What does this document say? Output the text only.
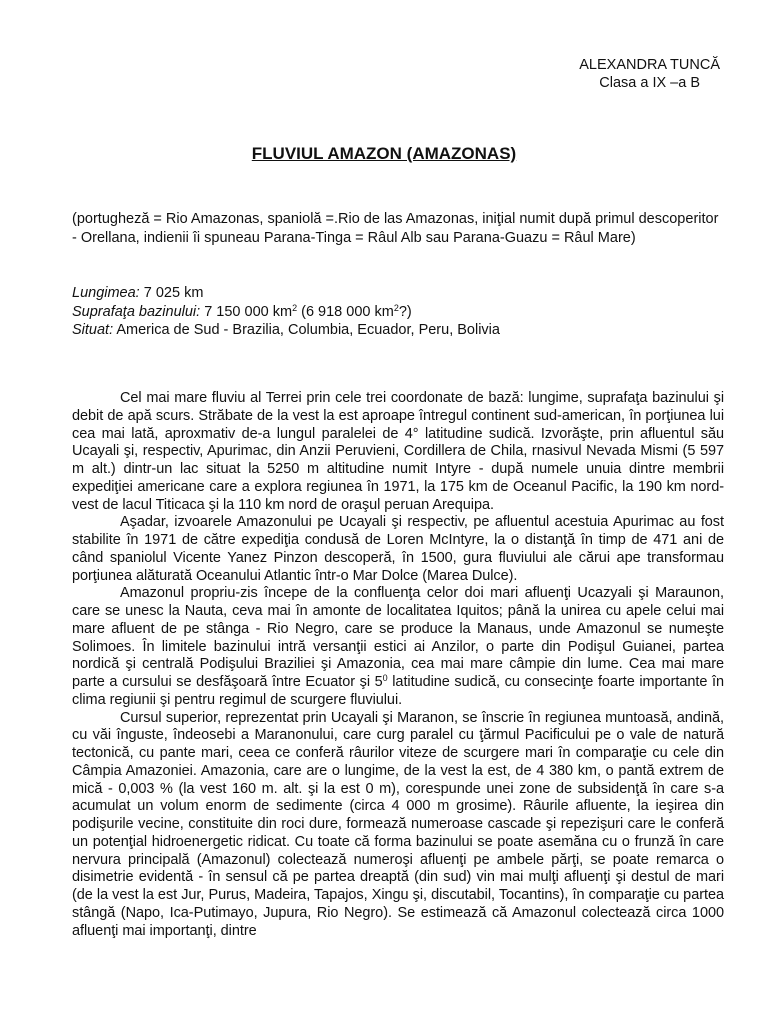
ALEXANDRA TUNCĂ
Clasa a IX –a B
FLUVIUL AMAZON (AMAZONAS)
(portugheză = Rio Amazonas, spaniolă =.Rio de las Amazonas, iniţial numit după primul descoperitor - Orellana, indienii îi spuneau Parana-Tinga = Râul Alb sau Parana-Guazu = Râul Mare)
Lungimea: 7 025 km
Suprafaţa bazinului: 7 150 000 $km^2$ (6 918 000 $km^2$?)
Situat: America de Sud - Brazilia, Columbia, Ecuador, Peru, Bolivia

Cel mai mare fluviu al Terrei prin cele trei coordonate de bază: lungime, suprafaţa bazinului şi debit de apă scurs. Străbate de la vest la est aproape întregul continent sud-american, în porţiunea lui cea mai lată, aproxmativ de-a lungul paralelei de 4° latitudine sudică. Izvorăşte, prin afluentul său Ucayali şi, respectiv, Apurimac, din Anzii Peruvieni, Cordillera de Chila, rnasivul Nevada Mismi (5 597 m alt.) dintr-un lac situat la 5250 m altitudine numit Intyre - după numele unuia dintre membrii expediţiei americane care a explora regiunea în 1971, la 175 km de Oceanul Pacific, la 190 km nord-vest de lacul Titicaca şi la 110 km nord de oraşul peruan Arequipa.

Aşadar, izvoarele Amazonului pe Ucayali şi respectiv, pe afluentul acestuia Apurimac au fost stabilite în 1971 de către expediţia condusă de Loren McIntyre, la o distanţă în timp de 471 ani de când spaniolul Vicente Yanez Pinzon descoperă, în 1500, gura fluviului ale cărui ape transformau porţiunea alăturată Oceanului Atlantic într-o Mar Dolce (Marea Dulce).

Amazonul propriu-zis începe de la confluenţa celor doi mari afluenţi Ucazyali şi Maraunon, care se unesc la Nauta, ceva mai în amonte de localitatea Iquitos; până la unirea cu apele celui mai mare afluent de pe stânga - Rio Negro, care se produce la Manaus, unde Amazonul se numeşte Solimoes. În limitele bazinului intră versanţii estici ai Anzilor, o parte din Podişul Guianei, partea nordică şi centrală Podişului Braziliei şi Amazonia, cea mai mare câmpie din lume. Cea mai mare parte a cursului se desfăşoară între Ecuator şi $5^0$ latitudine sudică, cu consecinţe foarte importante în clima regiunii şi pentru regimul de scurgere fluviului.

Cursul superior, reprezentat prin Ucayali şi Maranon, se înscrie în regiunea muntoasă, andină, cu văi înguste, îndeosebi a Maranonului, care curg paralel cu ţărmul Pacificului pe o vale de natură tectonică, cu pante mari, ceea ce conferă râurilor viteze de scurgere mari în comparaţie cu cele din Câmpia Amazoniei. Amazonia, care are o lungime, de la vest la est, de 4 380 km, o pantă extrem de mică - 0,003 % (la vest 160 m. alt. şi la est 0 m), corespunde unei zone de subsidenţă în care s-a acumulat un volum enorm de sedimente (circa 4 000 m grosime). Râurile afluente, la ieşirea din podişurile vecine, constituite din roci dure, formează numeroase cascade şi repezişuri care le conferă un potenţial hidroenergetic ridicat. Cu toate că forma bazinului se poate asemăna cu o frunză în care nervura principală (Amazonul) colectează numeroşi afluenţi pe ambele părţi, se poate remarca o disimetrie evidentă - în sensul că pe partea dreaptă (din sud) vin mai mulţi afluenţi şi destul de mari (de la vest la est Jur, Purus, Madeira, Tapajos, Xingu şi, discutabil, Tocantins), în comparaţie cu partea stângă (Napo, Ica-Putimayo, Jupura, Rio Negro). Se estimează că Amazonul colectează circa 1000 afluenţi mai importanţi, dintre
